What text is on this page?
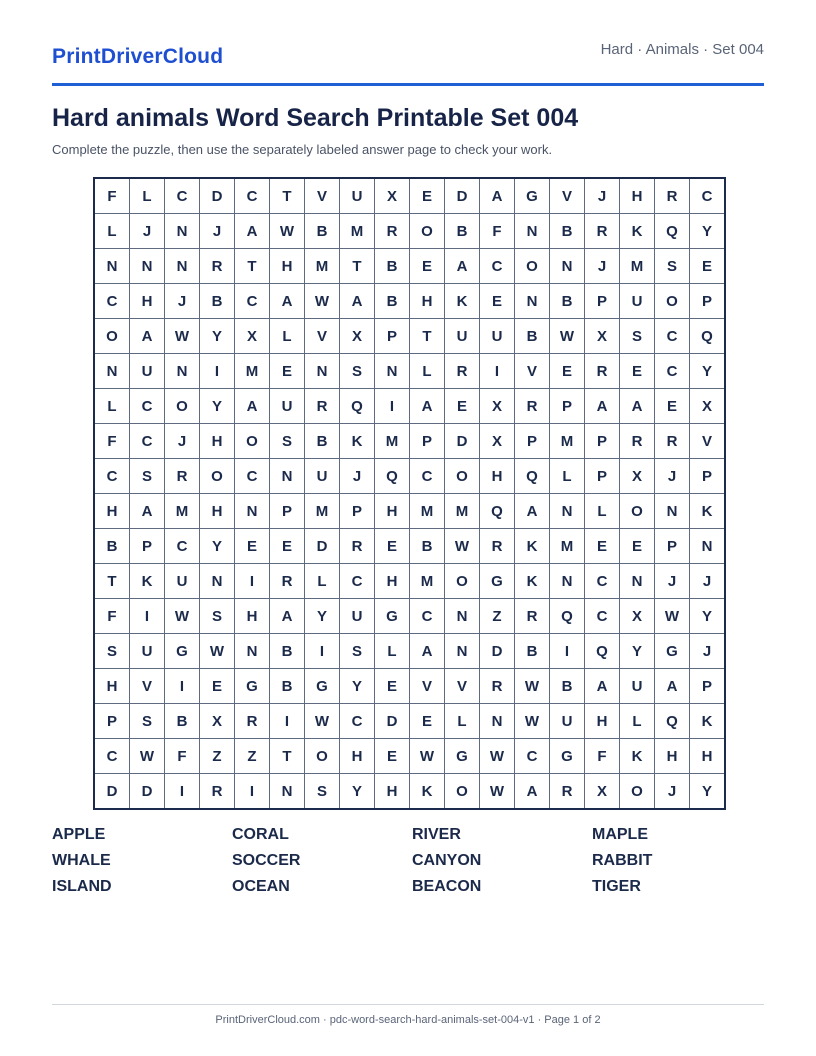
PrintDriverCloud	Hard · Animals · Set 004
Hard animals Word Search Printable Set 004

Complete the puzzle, then use the separately labeled answer page to check your work.

F	L	C	D	C	T	V	U	X	E	D	A	G	V	J	H	R	C
L	J	N	J	A	W	B	M	R	O	B	F	N	B	R	K	Q	Y
N	N	N	R	T	H	M	T	B	E	A	C	O	N	J	M	S	E
C	H	J	B	C	A	W	A	B	H	K	E	N	B	P	U	O	P
O	A	W	Y	X	L	V	X	P	T	U	U	B	W	X	S	C	Q
N	U	N	I	M	E	N	S	N	L	R	I	V	E	R	E	C	Y
L	C	O	Y	A	U	R	Q	I	A	E	X	R	P	A	A	E	X
F	C	J	H	O	S	B	K	M	P	D	X	P	M	P	R	R	V
C	S	R	O	C	N	U	J	Q	C	O	H	Q	L	P	X	J	P
H	A	M	H	N	P	M	P	H	M	M	Q	A	N	L	O	N	K
B	P	C	Y	E	E	D	R	E	B	W	R	K	M	E	E	P	N
T	K	U	N	I	R	L	C	H	M	O	G	K	N	C	N	J	J
F	I	W	S	H	A	Y	U	G	C	N	Z	R	Q	C	X	W	Y
S	U	G	W	N	B	I	S	L	A	N	D	B	I	Q	Y	G	J
H	V	I	E	G	B	G	Y	E	V	V	R	W	B	A	U	A	P
P	S	B	X	R	I	W	C	D	E	L	N	W	U	H	L	Q	K
C	W	F	Z	Z	T	O	H	E	W	G	W	C	G	F	K	H	H
D	D	I	R	I	N	S	Y	H	K	O	W	A	R	X	O	J	Y
APPLE	CORAL	RIVER	MAPLE
WHALE	SOCCER	CANYON	RABBIT
ISLAND	OCEAN	BEACON	TIGER
PrintDriverCloud.com · pdc-word-search-hard-animals-set-004-v1 · Page 1 of 2
